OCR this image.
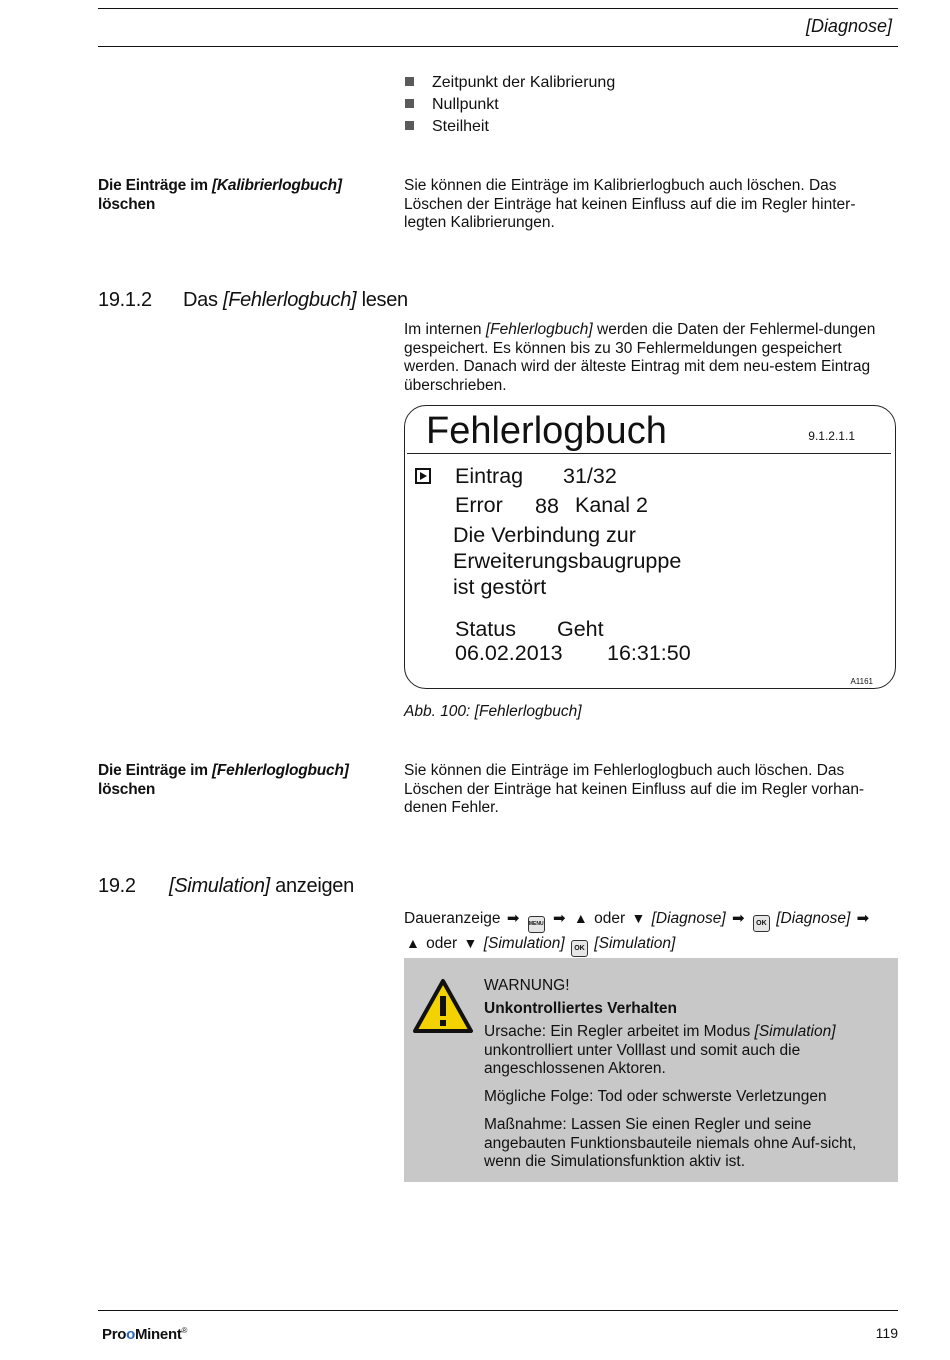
[Diagnose]
Zeitpunkt der Kalibrierung
Nullpunkt
Steilheit
Die Einträge im [Kalibrierlogbuch]
löschen
Sie können die Einträge im Kalibrierlogbuch auch löschen. Das Löschen der Einträge hat keinen Einfluss auf die im Regler hinter-legten Kalibrierungen.
19.1.2 Das [Fehlerlogbuch] lesen
Im internen [Fehlerlogbuch] werden die Daten der Fehlermel-dungen gespeichert. Es können bis zu 30 Fehlermeldungen gespeichert werden. Danach wird der älteste Eintrag mit dem neu-estem Eintrag überschrieben.
Fehlerlogbuch	9.1.2.1.1
Eintrag 31/32
Error 88 Kanal 2
Die Verbindung zur
Erweiterungsbaugruppe
ist gestört
Status Geht
06.02.2013 16:31:50
A1161
Abb. 100: [Fehlerlogbuch]
Die Einträge im [Fehlerloglogbuch]
löschen
Sie können die Einträge im Fehlerloglogbuch auch löschen. Das Löschen der Einträge hat keinen Einfluss auf die im Regler vorhan-denen Fehler.
19.2 [Simulation] anzeigen
Daueranzeige ➡ MENU ➡ ▲ oder ▼ [Diagnose] ➡ OK [Diagnose] ➡
▲ oder ▼ [Simulation] OK [Simulation]
WARNUNG!
Unkontrolliertes Verhalten
Ursache: Ein Regler arbeitet im Modus [Simulation] unkontrolliert unter Volllast und somit auch die angeschlossenen Aktoren.
Mögliche Folge: Tod oder schwerste Verletzungen
Maßnahme: Lassen Sie einen Regler und seine angebauten Funktionsbauteile niemals ohne Auf-sicht, wenn die Simulationsfunktion aktiv ist.
ProoMinent®	119
